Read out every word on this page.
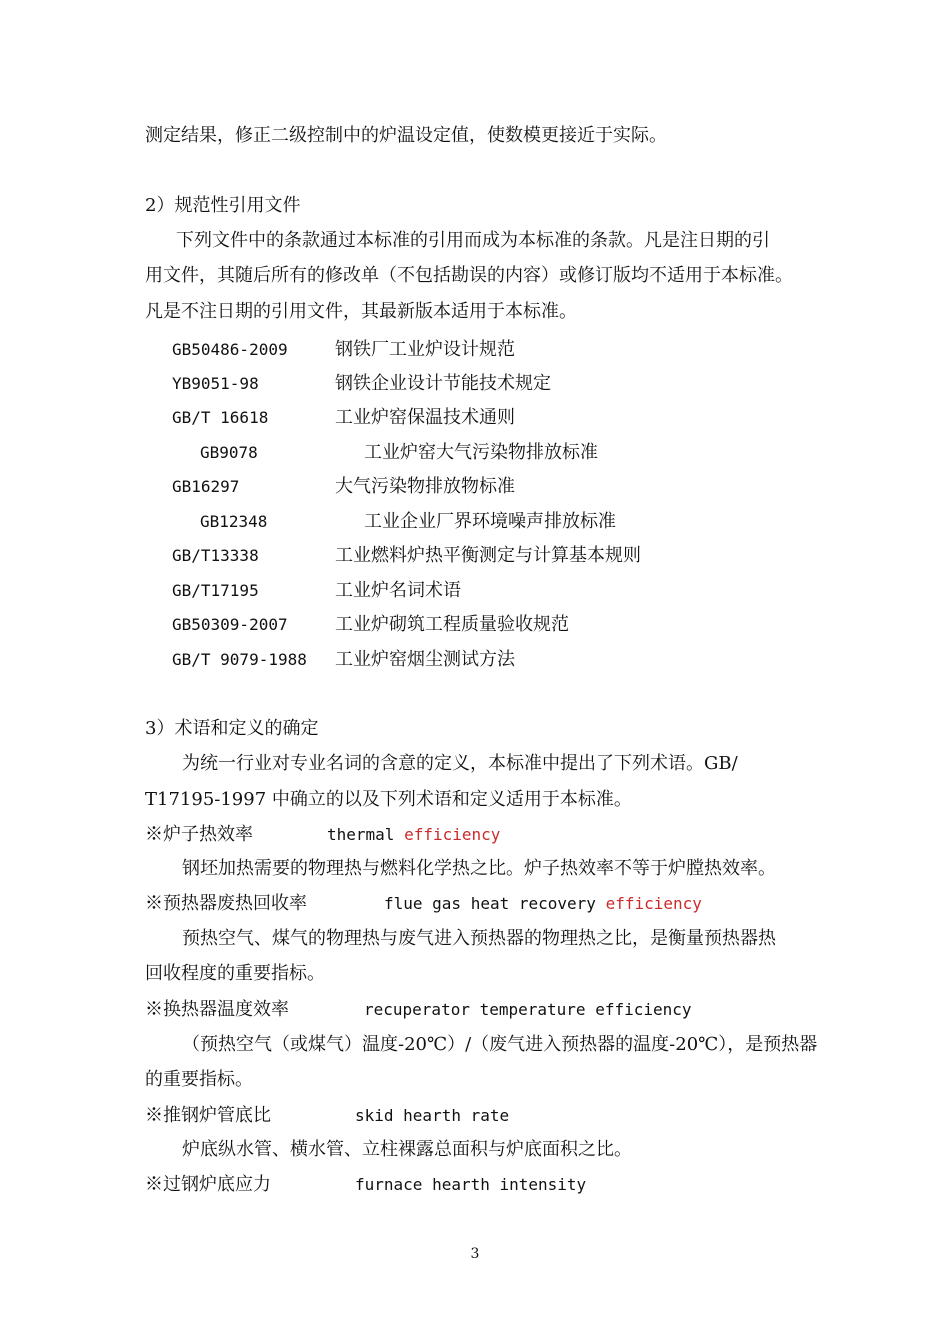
测定结果，修正二级控制中的炉温设定值，使数模更接近于实际。
2）规范性引用文件
下列文件中的条款通过本标准的引用而成为本标准的条款。凡是注日期的引
用文件，其随后所有的修改单（不包括勘误的内容）或修订版均不适用于本标准。
凡是不注日期的引用文件，其最新版本适用于本标准。
GB50486-2009	钢铁厂工业炉设计规范
YB9051-98	钢铁企业设计节能技术规定
GB/T 16618	工业炉窑保温技术通则
GB9078	工业炉窑大气污染物排放标准
GB16297	大气污染物排放物标准
GB12348	工业企业厂界环境噪声排放标准
GB/T13338	工业燃料炉热平衡测定与计算基本规则
GB/T17195	工业炉名词术语
GB50309-2007	工业炉砌筑工程质量验收规范
GB/T 9079-1988 工业炉窑烟尘测试方法
3）术语和定义的确定
为统一行业对专业名词的含意的定义，本标准中提出了下列术语。GB/
T17195-1997 中确立的以及下列术语和定义适用于本标准。
※炉子热效率	thermal efficiency
钢坯加热需要的物理热与燃料化学热之比。炉子热效率不等于炉膛热效率。
※预热器废热回收率	flue gas heat recovery efficiency
预热空气、煤气的物理热与废气进入预热器的物理热之比，是衡量预热器热
回收程度的重要指标。
※换热器温度效率	recuperator temperature efficiency
（预热空气（或煤气）温度-20℃）/（废气进入预热器的温度-20℃），是预热器
的重要指标。
※推钢炉管底比	skid hearth rate
炉底纵水管、横水管、立柱裸露总面积与炉底面积之比。
※过钢炉底应力	furnace hearth intensity
3
